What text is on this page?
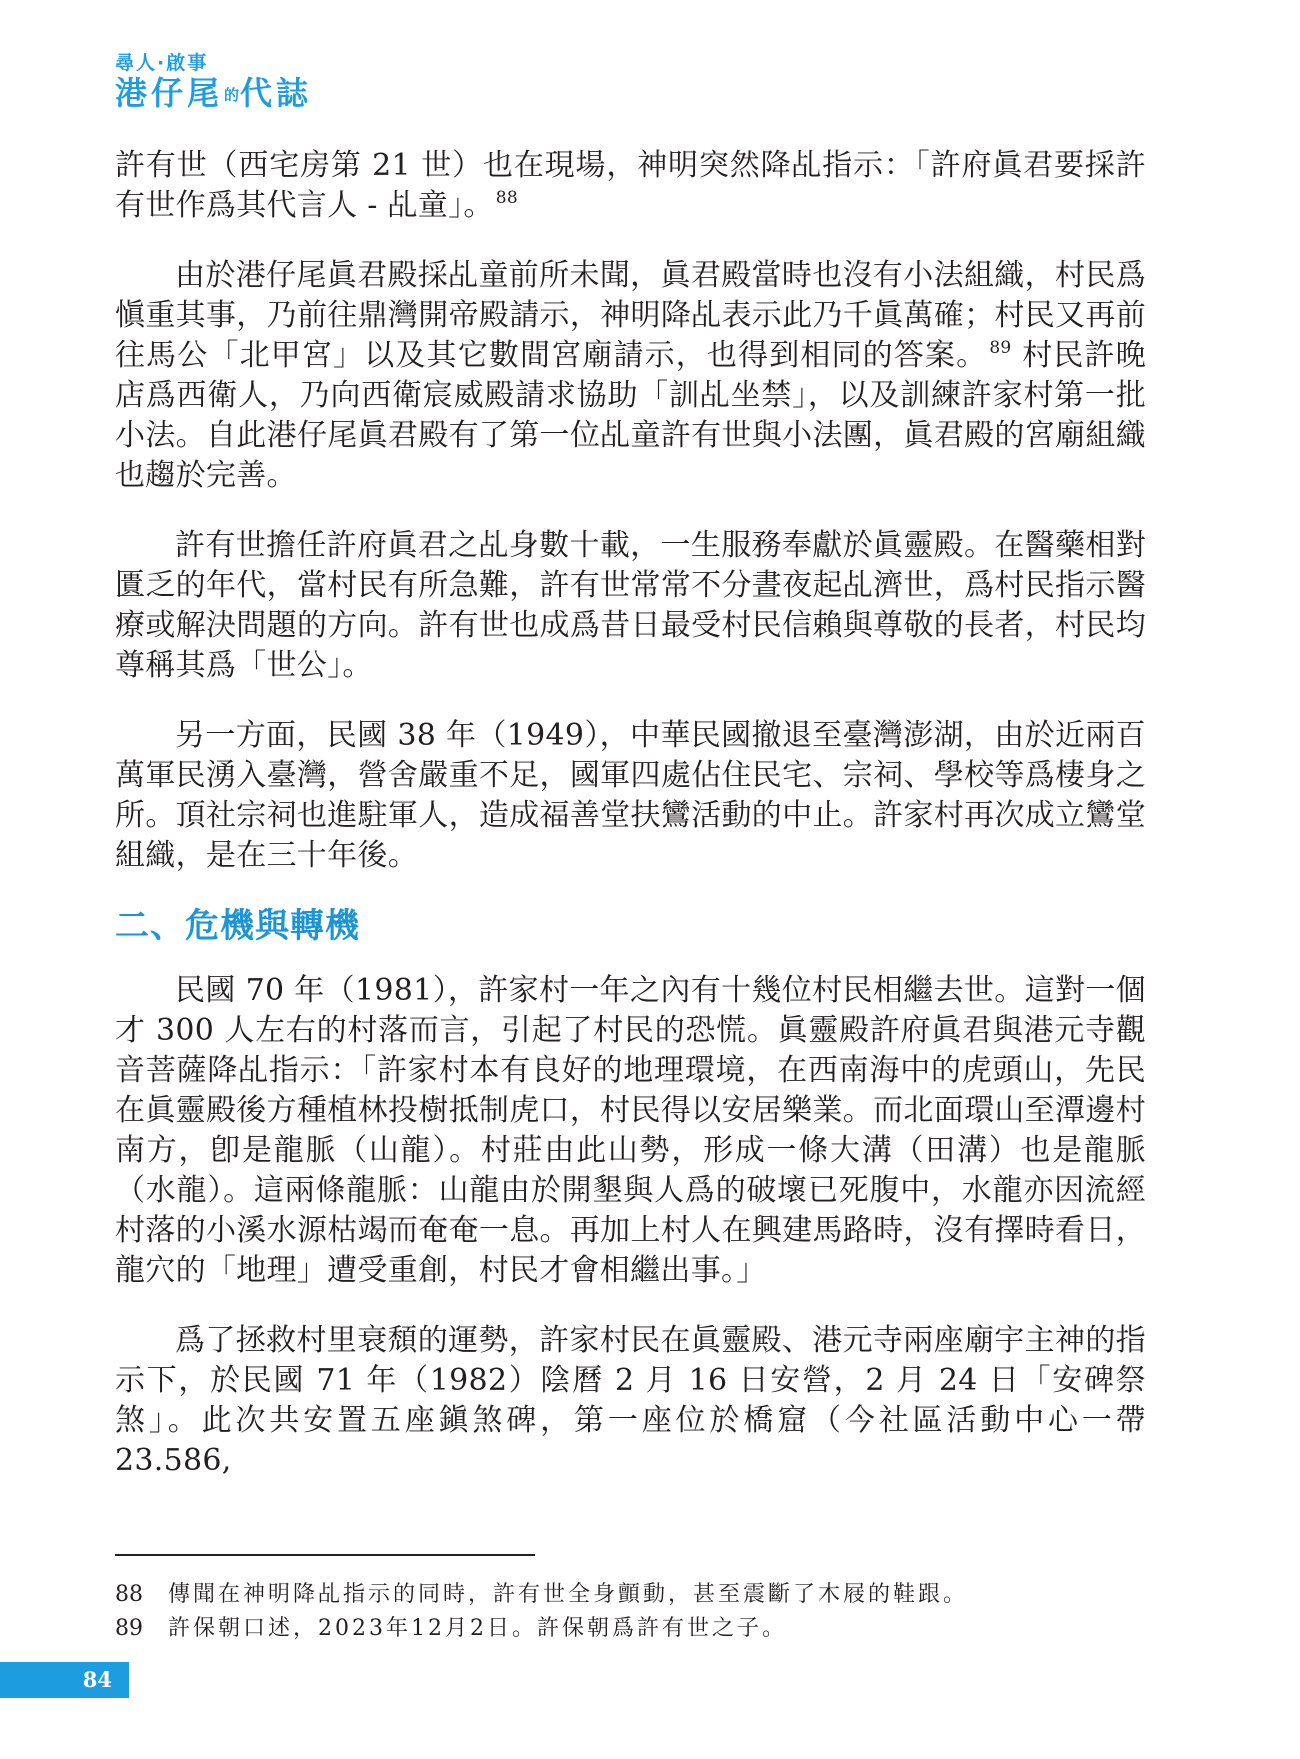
尋人·啟事
港仔尾的代誌

許有世（西宅房第 21 世）也在現場，神明突然降乩指示：「許府眞君要採許有世作爲其代言人 - 乩童」。 $^{88}$

由於港仔尾眞君殿採乩童前所未聞，眞君殿當時也沒有小法組織，村民爲愼重其事，乃前往鼎灣開帝殿請示，神明降乩表示此乃千眞萬確；村民又再前往馬公「北甲宮」以及其它數間宮廟請示，也得到相同的答案。 $^{89}$ 村民許晚店爲西衛人，乃向西衛宸威殿請求協助「訓乩坐禁」，以及訓練許家村第一批小法。自此港仔尾眞君殿有了第一位乩童許有世與小法團，眞君殿的宮廟組織也趨於完善。

許有世擔任許府眞君之乩身數十載，一生服務奉獻於眞靈殿。在醫藥相對匱乏的年代，當村民有所急難，許有世常常不分晝夜起乩濟世，爲村民指示醫療或解決問題的方向。許有世也成爲昔日最受村民信賴與尊敬的長者，村民均尊稱其爲「世公」。

另一方面，民國 38 年（1949），中華民國撤退至臺灣澎湖，由於近兩百萬軍民湧入臺灣，營舍嚴重不足，國軍四處佔住民宅、宗祠、學校等爲棲身之所。頂社宗祠也進駐軍人，造成福善堂扶鸞活動的中止。許家村再次成立鸞堂組織，是在三十年後。

二、危機與轉機

民國 70 年（1981），許家村一年之內有十幾位村民相繼去世。這對一個才 300 人左右的村落而言，引起了村民的恐慌。眞靈殿許府眞君與港元寺觀音菩薩降乩指示：「許家村本有良好的地理環境，在西南海中的虎頭山，先民在眞靈殿後方種植林投樹抵制虎口，村民得以安居樂業。而北面環山至潭邊村南方，卽是龍脈（山龍）。村莊由此山勢，形成一條大溝（田溝）也是龍脈（水龍）。這兩條龍脈：山龍由於開墾與人爲的破壞已死腹中，水龍亦因流經村落的小溪水源枯竭而奄奄一息。再加上村人在興建馬路時，沒有擇時看日，龍穴的「地理」遭受重創，村民才會相繼出事。」

爲了拯救村里衰頹的運勢，許家村民在眞靈殿、港元寺兩座廟宇主神的指示下，於民國 71 年（1982）陰曆 2 月 16 日安營，2 月 24 日「安碑祭煞」。此次共安置五座鎭煞碑，第一座位於橋窟（今社區活動中心一帶 23.586,

88 傳聞在神明降乩指示的同時，許有世全身顫動，甚至震斷了木屐的鞋跟。
89 許保朝口述，2023年12月2日。許保朝爲許有世之子。
84
